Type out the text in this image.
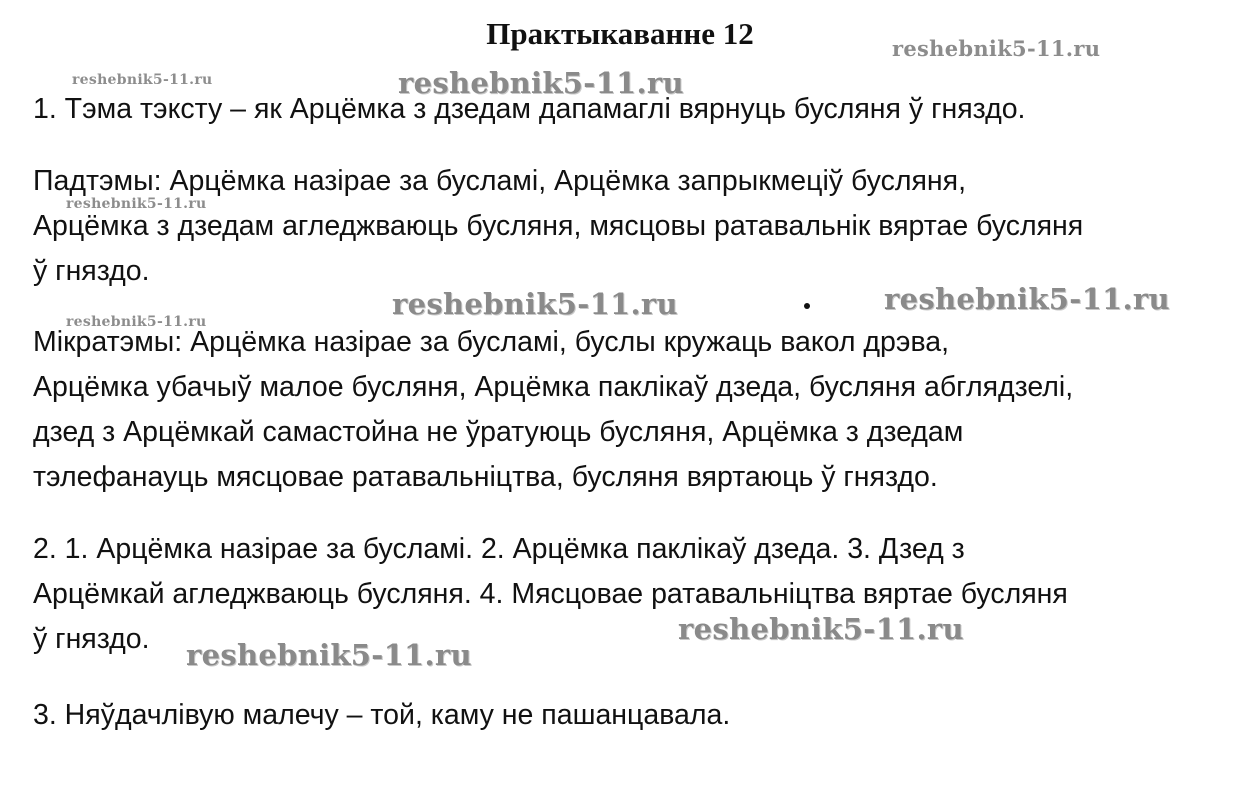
Практыкаванне 12

1. Тэма тэксту – як Арцёмка з дзедам дапамаглі вярнуць бусляня ў гняздо.

Падтэмы: Арцёмка назірае за бусламі, Арцёмка запрыкмеціў бусляня,
Арцёмка з дзедам агледжваюць бусляня, мясцовы ратавальнік вяртае бусляня
ў гняздо.

Мікратэмы: Арцёмка назірае за бусламі, буслы кружаць вакол дрэва,
Арцёмка убачыў малое бусляня, Арцёмка паклікаў дзеда, бусляня абглядзелі,
дзед з Арцёмкай самастойна не ўратуюць бусляня, Арцёмка з дзедам
тэлефанауць мясцовае ратавальніцтва, бусляня вяртаюць ў гняздо.

2. 1. Арцёмка назірае за бусламі. 2. Арцёмка паклікаў дзеда. 3. Дзед з
Арцёмкай агледжваюць бусляня. 4. Мясцовае ратавальніцтва вяртае бусляня
ў гняздо.

3. Няўдачлівую малечу – той, каму не пашанцавала.

reshebnik5-11.ru
reshebnik5-11.ru	reshebnik5-11.ru
reshebnik5-11.ru
reshebnik5-11.ru	reshebnik5-11.ru
reshebnik5-11.ru
reshebnik5-11.ru
reshebnik5-11.ru
